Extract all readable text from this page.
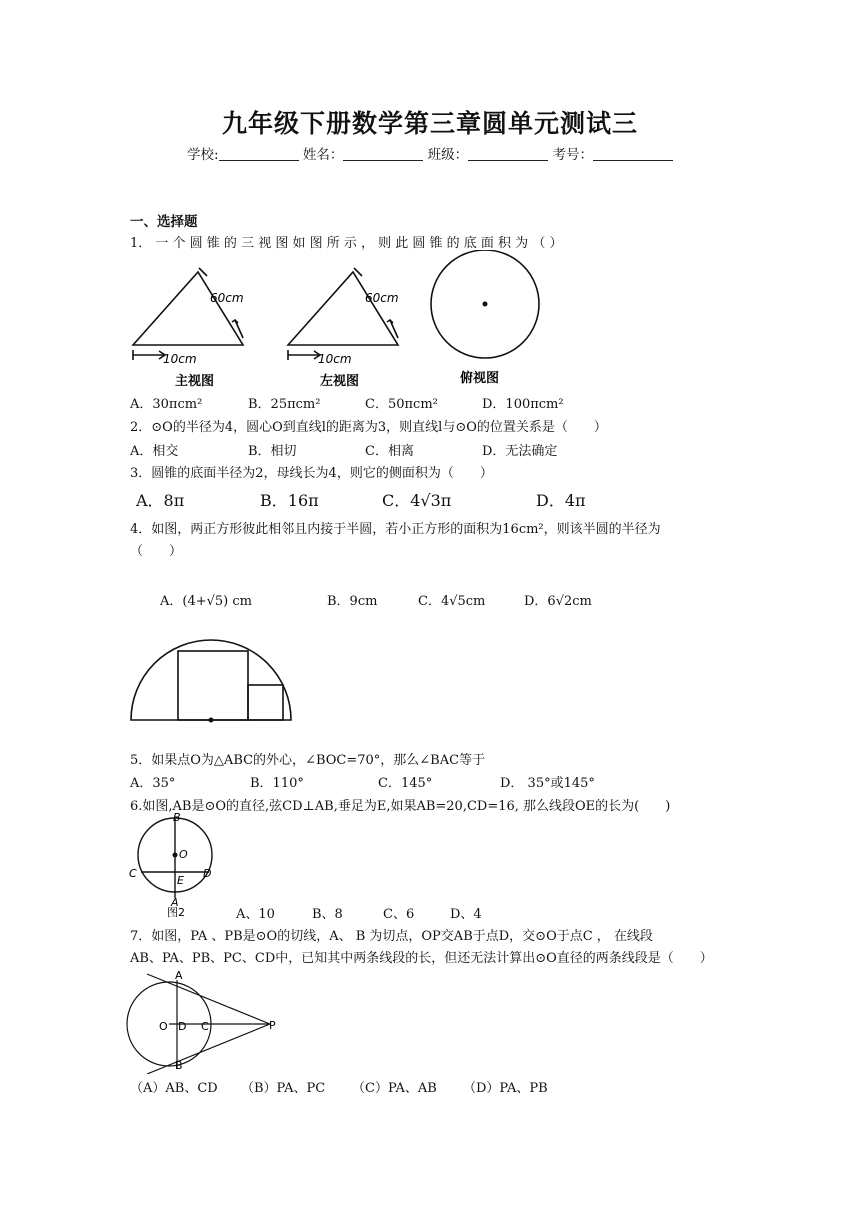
九年级下册数学第三章圆单元测试三
学校:	姓名：	班级：	考号：
一、选择题
1． 一 个 圆 锥 的 三 视 图 如 图 所 示 ， 则 此 圆 锥 的 底 面 积 为 （ ）
60cm
10cm
主视图
60cm
10cm
左视图	俯视图
A．30πcm²	B．25πcm²	C．50πcm²	D．100πcm²
2．⊙O的半径为4，圆心O到直线l的距离为3，则直线l与⊙O的位置关系是（　　）
A．相交	B．相切	C．相离	D．无法确定
3．圆锥的底面半径为2，母线长为4，则它的侧面积为（　　）
A．8π	B．16π	C．4√3π	D．4π
4．如图，两正方形彼此相邻且内接于半圆，若小正方形的面积为16cm²，则该半圆的半径为
（　　）
A．(4+√5) cm	B．9cm	C．4√5cm	D．6√2cm
5．如果点O为△ABC的外心，∠BOC=70°，那么∠BAC等于
A．35°	B．110°	C．145°	D． 35°或145°
6.如图,AB是⊙O的直径,弦CD⊥AB,垂足为E,如果AB=20,CD=16, 那么线段OE的长为(　　)
B
O
C
E
D
A
图2	A、10	B、8	C、6	D、4
7．如图，PA 、PB是⊙O的切线，A、 B 为切点，OP交AB于点D，交⊙O于点C ， 在线段
AB、PA、PB、PC、CD中，已知其中两条线段的长，但还无法计算出⊙O直径的两条线段是（　　）
A
O D C	P
B
（A）AB、CD （B）PA、PC （C）PA、AB （D）PA、PB
